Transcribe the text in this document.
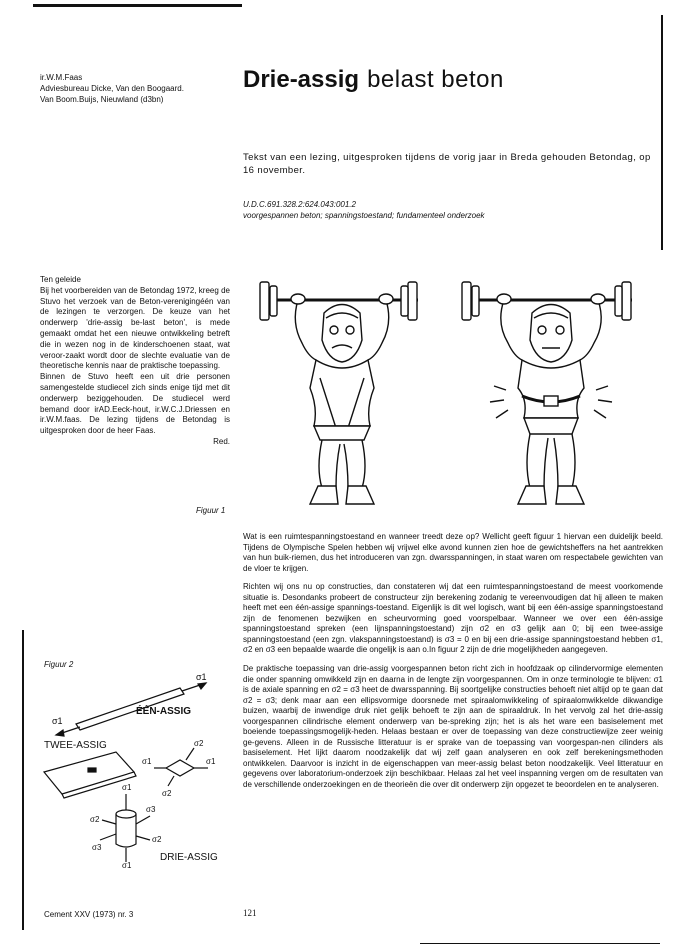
ir.W.M.Faas
Adviesbureau Dicke, Van den Boogaard.
Van Boom.Buijs, Nieuwland (d3bn)
Drie-assig belast beton
Tekst van een lezing, uitgesproken tijdens de vorig jaar in Breda gehouden Betondag, op 16 november.
U.D.C.691.328.2:624.043:001.2
voorgespannen beton; spanningstoestand; fundamenteel onderzoek

Ten geleide

Bij het voorbereiden van de Betondag 1972, kreeg de Stuvo het verzoek van de Beton-verenigingéén van de lezingen te verzorgen. De keuze van het onderwerp 'drie-assig be-last beton', is mede gemaakt omdat het een nieuwe ontwikkeling betreft die in wezen nog in de kinderschoenen staat, wat veroor-zaakt wordt door de slechte evaluatie van de theoretische kennis naar de praktische toepassing.

Binnen de Stuvo heeft een uit drie personen samengestelde studiecel zich sinds enige tijd met dit onderwerp beziggehouden. De studiecel werd bemand door irAD.Eeck-hout, ir.W.C.J.Driessen en ir.W.M.faas. De lezing tijdens de Betondag is uitgesproken door de heer Faas.

Red.

Figuur 1

Wat is een ruimtespanningstoestand en wanneer treedt deze op? Wellicht geeft figuur 1 hiervan een duidelijk beeld. Tijdens de Olympische Spelen hebben wij vrijwel elke avond kunnen zien hoe de gewichtsheffers na het aantrekken van hun buik-riemen, dus het introduceren van zgn. dwarsspanningen, in staat waren om respectabele gewichten van de vloer te krijgen.

Richten wij ons nu op constructies, dan constateren wij dat een ruimtespanningstoestand de meest voorkomende situatie is. Desondanks probeert de constructeur zijn berekening zodanig te vereenvoudigen dat hij alleen te maken heeft met een één-assige spannings-toestand. Eigenlijk is dit wel logisch, want bij een één-assige spanningstoestand zijn de fenomenen bezwijken en scheurvorming goed voorspelbaar. Wanneer we over een één-assige spanningstoestand spreken (een lijnspanningstoestand) zijn σ2 en σ3 gelijk aan 0; bij een twee-assige spanningstoestand (een zgn. vlakspanningstoestand) is σ3 = 0 en bij een drie-assige spanningstoestand hebben σ1, σ2 en σ3 een bepaalde waarde die ongelijk is aan o.In figuur 2 zijn de drie mogelijkheden aangegeven.

De praktische toepassing van drie-assig voorgespannen beton richt zich in hoofdzaak op cilindervormige elementen die onder spanning omwikkeld zijn en daarna in de lengte zijn voorgespannen. Om in onze terminologie te blijven: σ1 is de axiale spanning en σ2 = σ3 heet de dwarsspanning. Bij soortgelijke constructies behoeft niet altijd op te gaan dat σ2 = σ3; denk maar aan een ellipsvormige doorsnede met spiraalomwikkeling of spiraalomwikkelde dikwandige buizen, waarbij de inwendige druk niet gelijk behoeft te zijn aan de spiraaldruk. In het vervolg zal het drie-assig voorgespannen cilindrische element onderwerp van be-spreking zijn; het is als het ware een basiselement met boeiende toepassingsmogelijk-heden. Helaas bestaan er over de toepassing van deze constructiewijze zeer weinig ge-gevens. Alleen in de Russische litteratuur is er sprake van de toepassing van voorgespan-nen cilinders als basiselement. Het lijkt daarom noodzakelijk dat wij zelf gaan analyseren en ook zelf berekeningsmethoden ontwikkelen. Daarvoor is inzicht in de eigenschappen van meer-assig belast beton noodzakelijk. Veel litteratuur en gegevens over laboratorium-onderzoek zijn beschikbaar. Helaas zal het veel inspanning vergen om de resultaten van de verschillende onderzoekingen en de theorieën die over dit onderwerp zijn opgezet te beoordelen en te analyseren.

Figuur 2
σ1
σ1
ÉÉN-ASSIG
TWEE-ASSIG
σ1	σ1
σ2
σ2
σ1
σ1
σ3
σ3
σ2
σ2
DRIE-ASSIG
Cement XXV (1973) nr. 3	121
